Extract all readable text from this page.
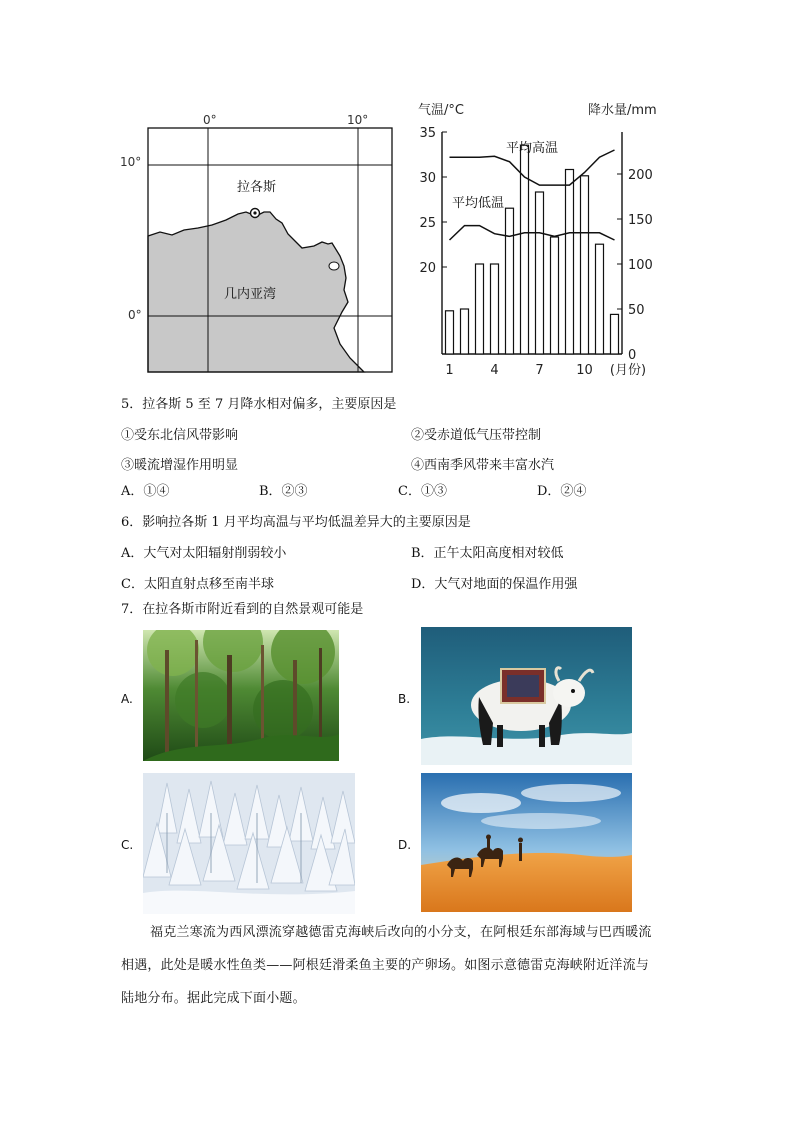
0°	10°
10°
0°
拉各斯
几内亚湾
气温/°C	降水量/mm
35
30
25
20
200
150
100
50
0
平均高温
平均低温
1	4	7	10 (月份)
5．拉各斯 5 至 7 月降水相对偏多，主要原因是
①受东北信风带影响	②受赤道低气压带控制
③暖流增湿作用明显	④西南季风带来丰富水汽
A．①④	B．②③	C．①③	D．②④
6．影响拉各斯 1 月平均高温与平均低温差异大的主要原因是
A．大气对太阳辐射削弱较小	B．正午太阳高度相对较低
C．太阳直射点移至南半球	D．大气对地面的保温作用强
7．在拉各斯市附近看到的自然景观可能是
A.	B.
C.	D.
福克兰寒流为西风漂流穿越德雷克海峡后改向的小分支，在阿根廷东部海域与巴西暖流
相遇，此处是暖水性鱼类——阿根廷滑柔鱼主要的产卵场。如图示意德雷克海峡附近洋流与
陆地分布。据此完成下面小题。
